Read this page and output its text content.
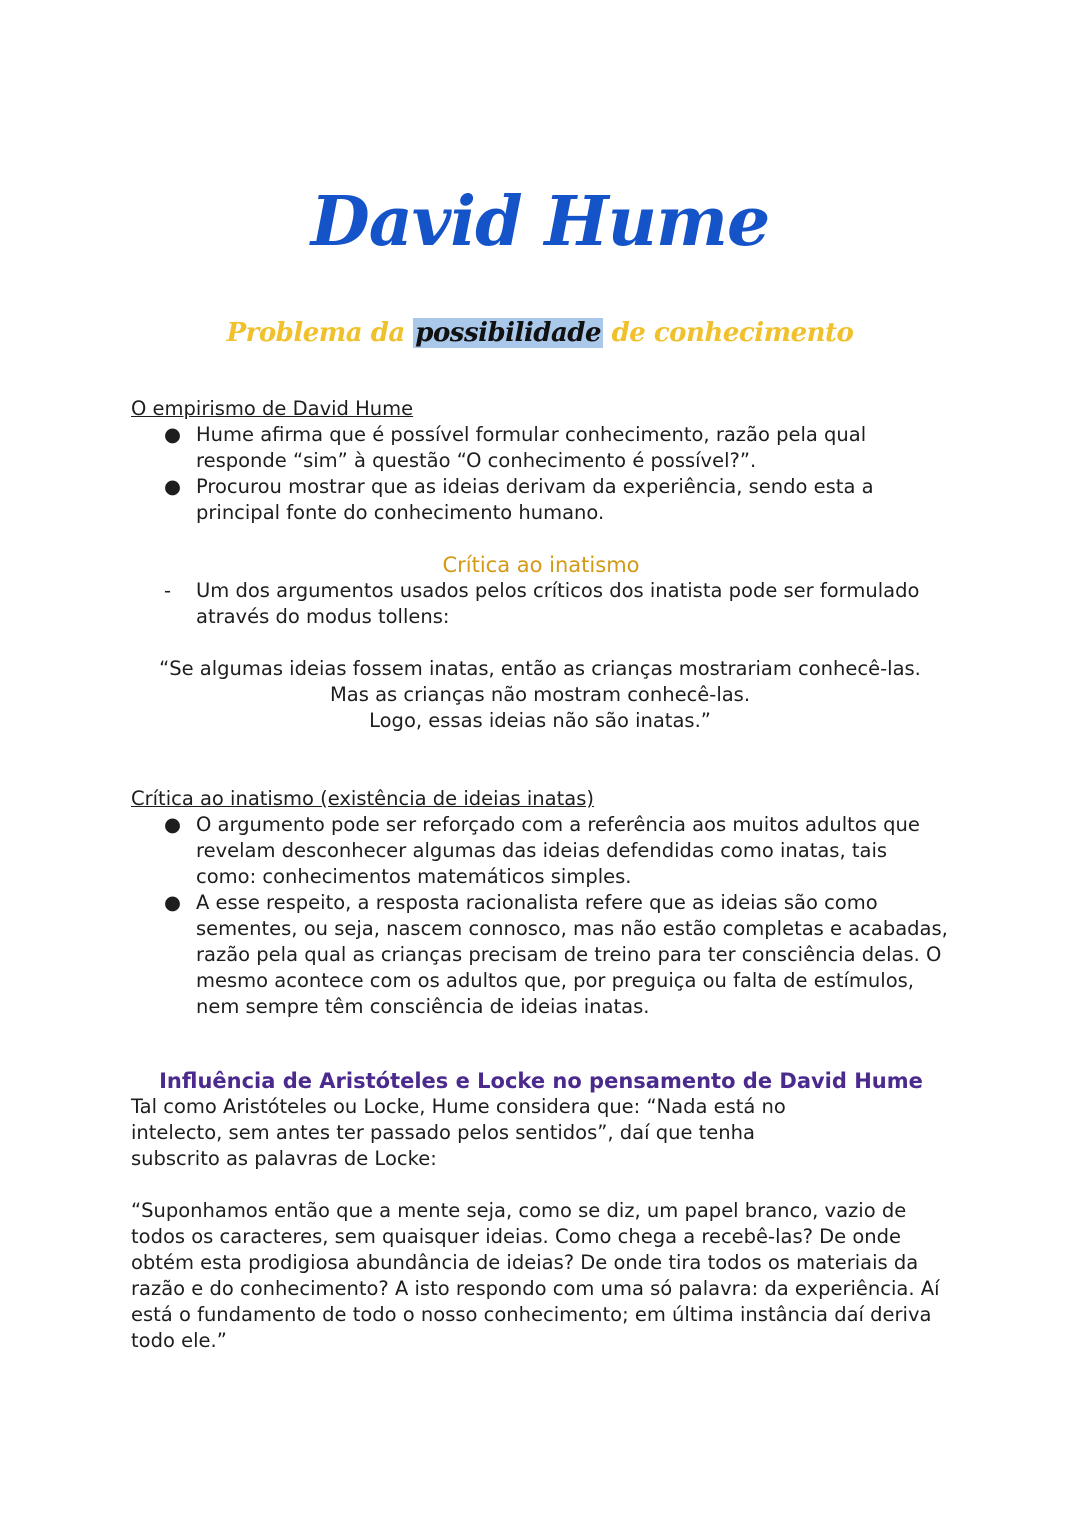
David Hume
Problema da possibilidade de conhecimento

O empirismo de David Hume

● Hume afirma que é possível formular conhecimento, razão pela qual responde “sim” à questão “O conhecimento é possível?”.
● Procurou mostrar que as ideias derivam da experiência, sendo esta a principal fonte do conhecimento humano.

Crítica ao inatismo

- Um dos argumentos usados pelos críticos dos inatista pode ser formulado através do modus tollens:

“Se algumas ideias fossem inatas, então as crianças mostrariam conhecê-las.

Mas as crianças não mostram conhecê-las.

Logo, essas ideias não são inatas.”

Crítica ao inatismo (existência de ideias inatas)

● O argumento pode ser reforçado com a referência aos muitos adultos que revelam desconhecer algumas das ideias defendidas como inatas, tais como: conhecimentos matemáticos simples.
● A esse respeito, a resposta racionalista refere que as ideias são como sementes, ou seja, nascem connosco, mas não estão completas e acabadas, razão pela qual as crianças precisam de treino para ter consciência delas. O mesmo acontece com os adultos que, por preguiça ou falta de estímulos, nem sempre têm consciência de ideias inatas.

Influência de Aristóteles e Locke no pensamento de David Hume

Tal como Aristóteles ou Locke, Hume considera que: “Nada está no intelecto, sem antes ter passado pelos sentidos”, daí que tenha subscrito as palavras de Locke:

“Suponhamos então que a mente seja, como se diz, um papel branco, vazio de todos os caracteres, sem quaisquer ideias. Como chega a recebê-las? De onde obtém esta prodigiosa abundância de ideias? De onde tira todos os materiais da razão e do conhecimento? A isto respondo com uma só palavra: da experiência. Aí está o fundamento de todo o nosso conhecimento; em última instância daí deriva todo ele.”
